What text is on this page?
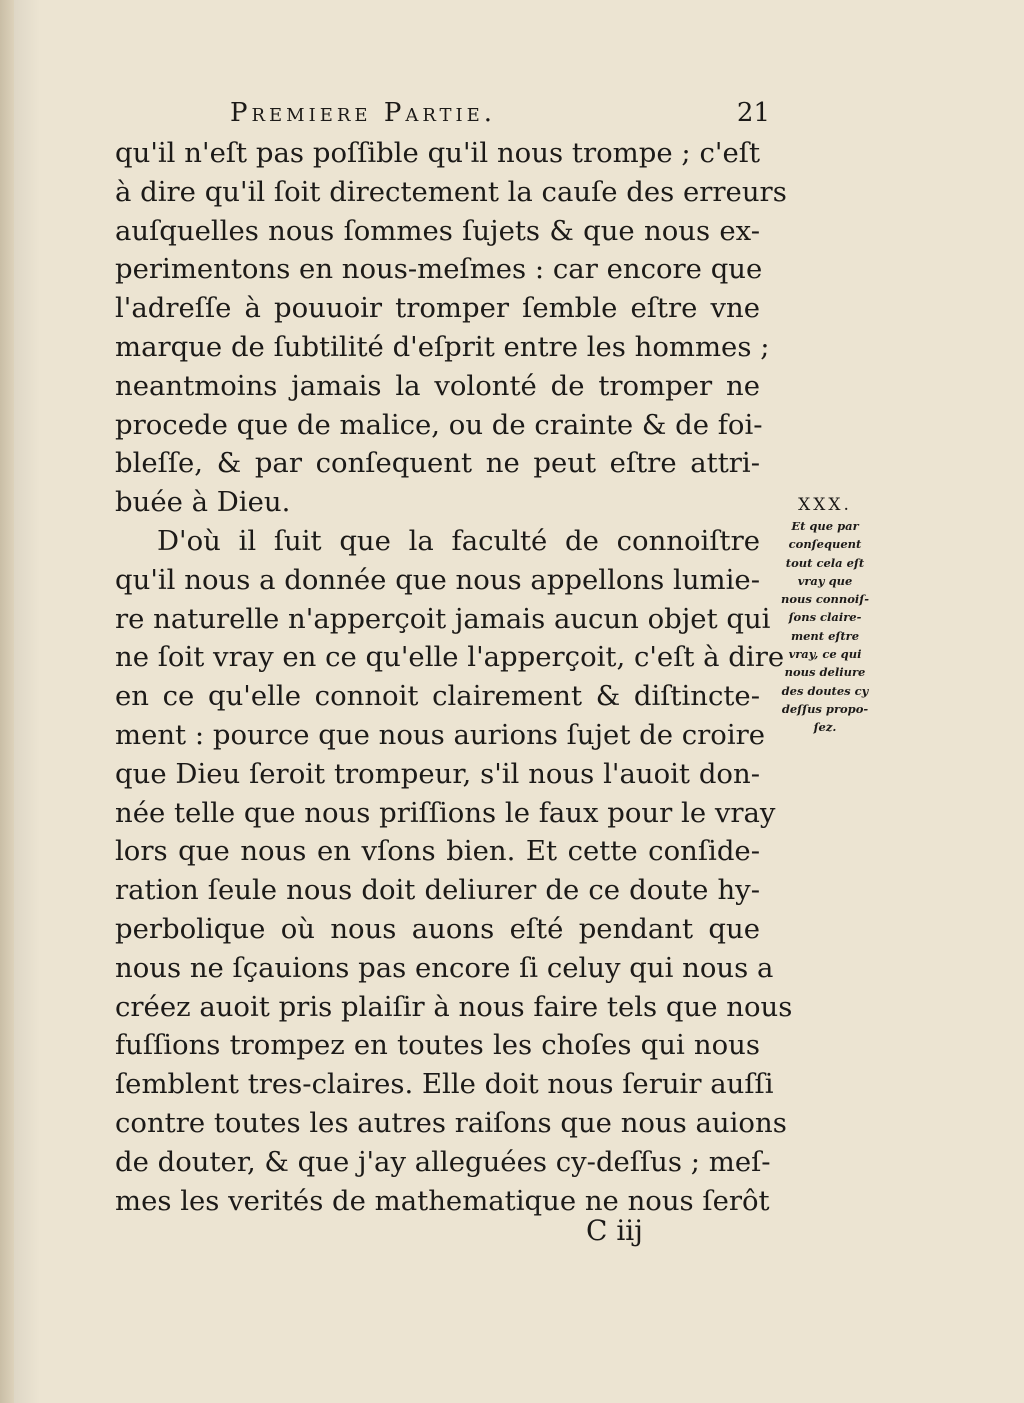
Premiere Partie.	21
qu'il n'eſt pas poſſible qu'il nous trompe ; c'eſt
à dire qu'il ſoit directement la cauſe des erreurs
auſquelles nous ſommes ſujets & que nous ex-
perimentons en nous-meſmes : car encore que
l'adreſſe à pouuoir tromper ſemble eſtre vne
marque de ſubtilité d'eſprit entre les hommes ;
neantmoins jamais la volonté de tromper ne
procede que de malice, ou de crainte & de foi-
bleſſe, & par conſequent ne peut eſtre attri-
buée à Dieu.
D'où il ſuit que la faculté de connoiſtre
qu'il nous a donnée que nous appellons lumie-
re naturelle n'apperçoit jamais aucun objet qui
ne ſoit vray en ce qu'elle l'apperçoit, c'eſt à dire
en ce qu'elle connoit clairement & diſtincte-
ment : pource que nous aurions ſujet de croire
que Dieu ſeroit trompeur, s'il nous l'auoit don-
née telle que nous priſſions le faux pour le vray
lors que nous en vſons bien. Et cette conſide-
ration ſeule nous doit deliurer de ce doute hy-
perbolique où nous auons eſté pendant que
nous ne ſçauions pas encore ſi celuy qui nous a
créez auoit pris plaiſir à nous faire tels que nous
fuſſions trompez en toutes les choſes qui nous
ſemblent tres-claires. Elle doit nous ſeruir auſſi
contre toutes les autres raiſons que nous auions
de douter, & que j'ay alleguées cy-deſſus ; meſ-
mes les verités de mathematique ne nous ſerôt
XXX.
Et que par
conſequent
tout cela eſt
vray que
nous connoiſ-
ſons claire-
ment eſtre
vray, ce qui
nous deliure
des doutes cy
deſſus propo-
ſez.
C iij
